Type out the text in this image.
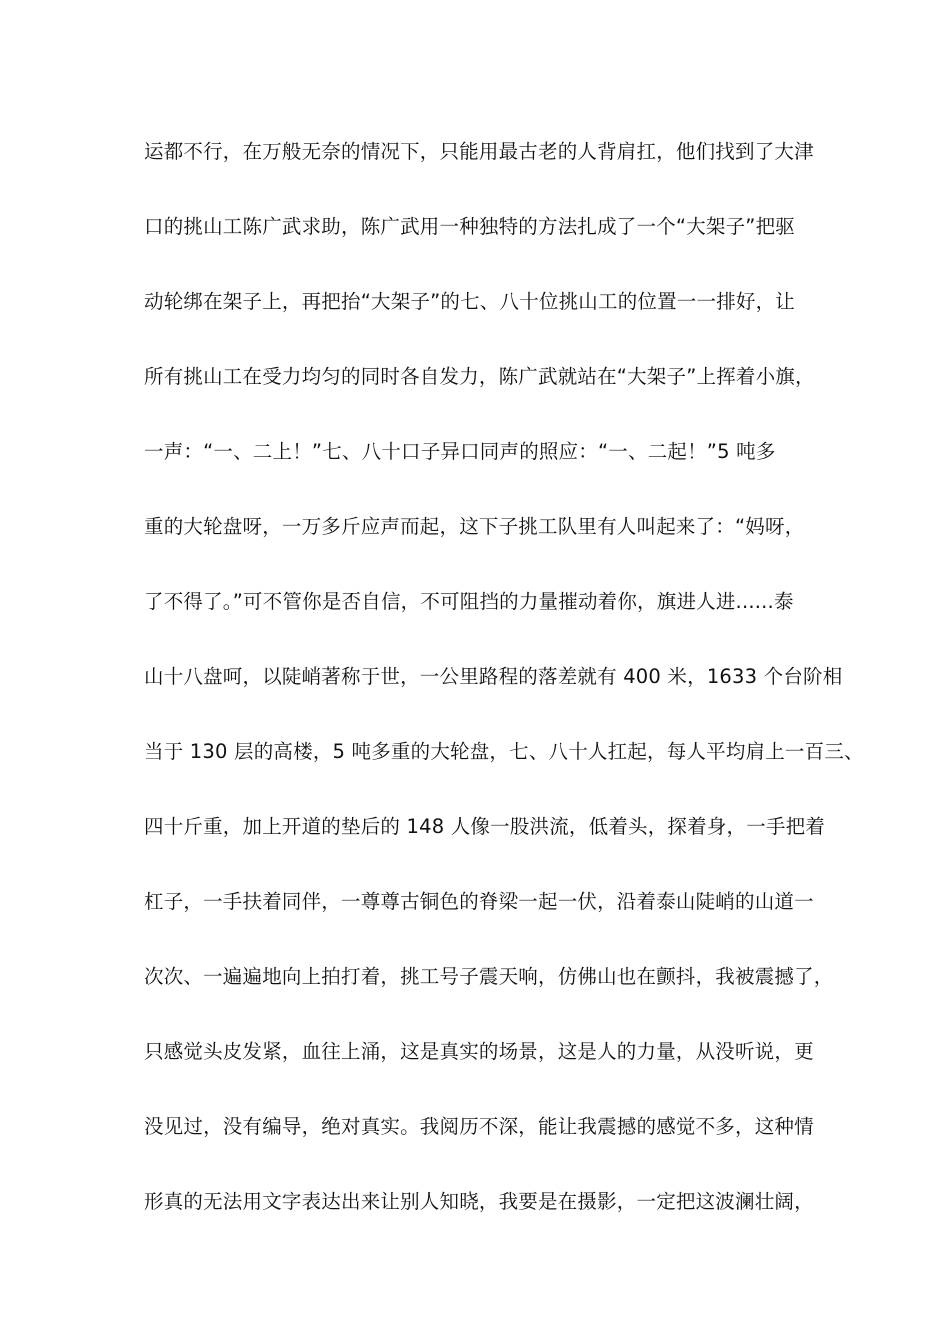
运都不行，在万般无奈的情况下，只能用最古老的人背肩扛，他们找到了大津
口的挑山工陈广武求助，陈广武用一种独特的方法扎成了一个“大架子”把驱
动轮绑在架子上，再把抬“大架子”的七、八十位挑山工的位置一一排好，让
所有挑山工在受力均匀的同时各自发力，陈广武就站在“大架子”上挥着小旗，
一声：“一、二上！”七、八十口子异口同声的照应：“一、二起！”5 吨多
重的大轮盘呀，一万多斤应声而起，这下子挑工队里有人叫起来了：“妈呀，
了不得了。”可不管你是否自信，不可阻挡的力量摧动着你，旗进人进......泰
山十八盘呵，以陡峭著称于世，一公里路程的落差就有 400 米，1633 个台阶相
当于 130 层的高楼，5 吨多重的大轮盘，七、八十人扛起，每人平均肩上一百三、
四十斤重，加上开道的垫后的 148 人像一股洪流，低着头，探着身，一手把着
杠子，一手扶着同伴，一尊尊古铜色的脊梁一起一伏，沿着泰山陡峭的山道一
次次、一遍遍地向上拍打着，挑工号子震天响，仿佛山也在颤抖，我被震撼了，
只感觉头皮发紧，血往上涌，这是真实的场景，这是人的力量，从没听说，更
没见过，没有编导，绝对真实。我阅历不深，能让我震撼的感觉不多，这种情
形真的无法用文字表达出来让别人知晓，我要是在摄影，一定把这波澜壮阔，
